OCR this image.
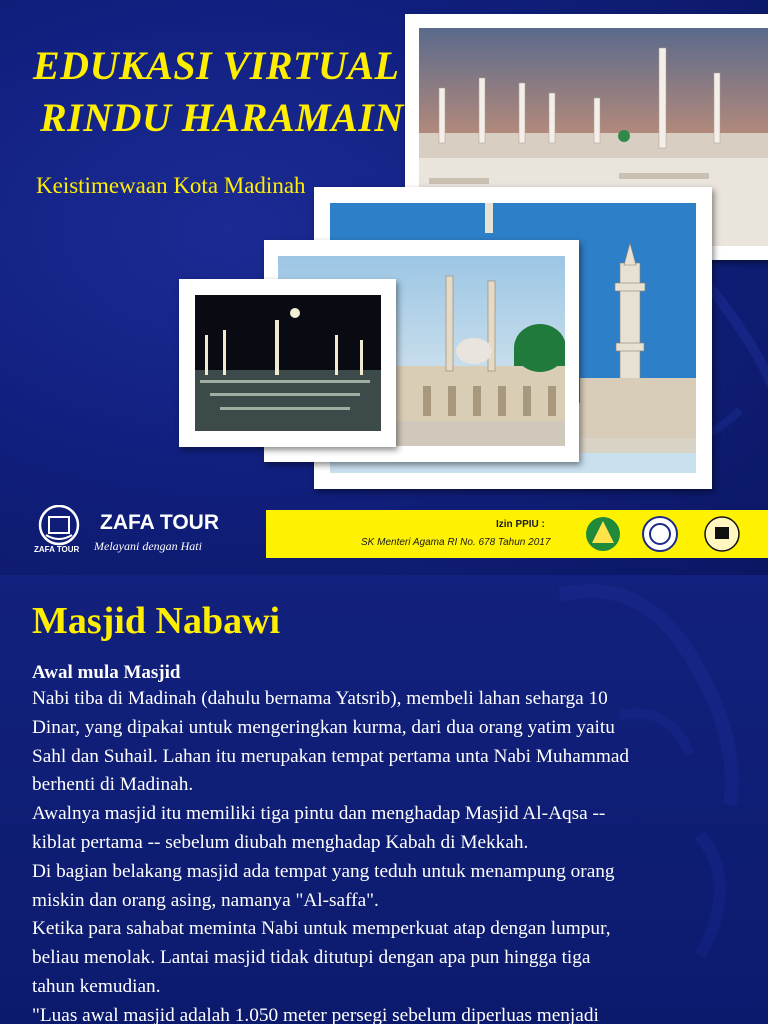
EDUKASI VIRTUAL
RINDU HARAMAIN
Keistimewaan Kota Madinah
ZAFA TOUR
ZAFA TOUR
Melayani dengan Hati
Izin PPIU :
SK Menteri Agama RI No. 678 Tahun 2017
Masjid Nabawi
Awal mula Masjid

Nabi tiba di Madinah (dahulu bernama Yatsrib), membeli lahan seharga 10

Dinar, yang dipakai untuk mengeringkan kurma, dari dua orang yatim yaitu

Sahl dan Suhail. Lahan itu merupakan tempat pertama unta Nabi Muhammad

berhenti di Madinah.

Awalnya masjid itu memiliki tiga pintu dan menghadap Masjid Al-Aqsa --

kiblat pertama -- sebelum diubah menghadap Kabah di Mekkah.

Di bagian belakang masjid ada tempat yang teduh untuk menampung orang

miskin dan orang asing, namanya "Al-saffa".

Ketika para sahabat meminta Nabi untuk memperkuat atap dengan lumpur,

beliau menolak. Lantai masjid tidak ditutupi dengan apa pun hingga tiga

tahun kemudian.

"Luas awal masjid adalah 1.050 meter persegi sebelum diperluas menjadi
